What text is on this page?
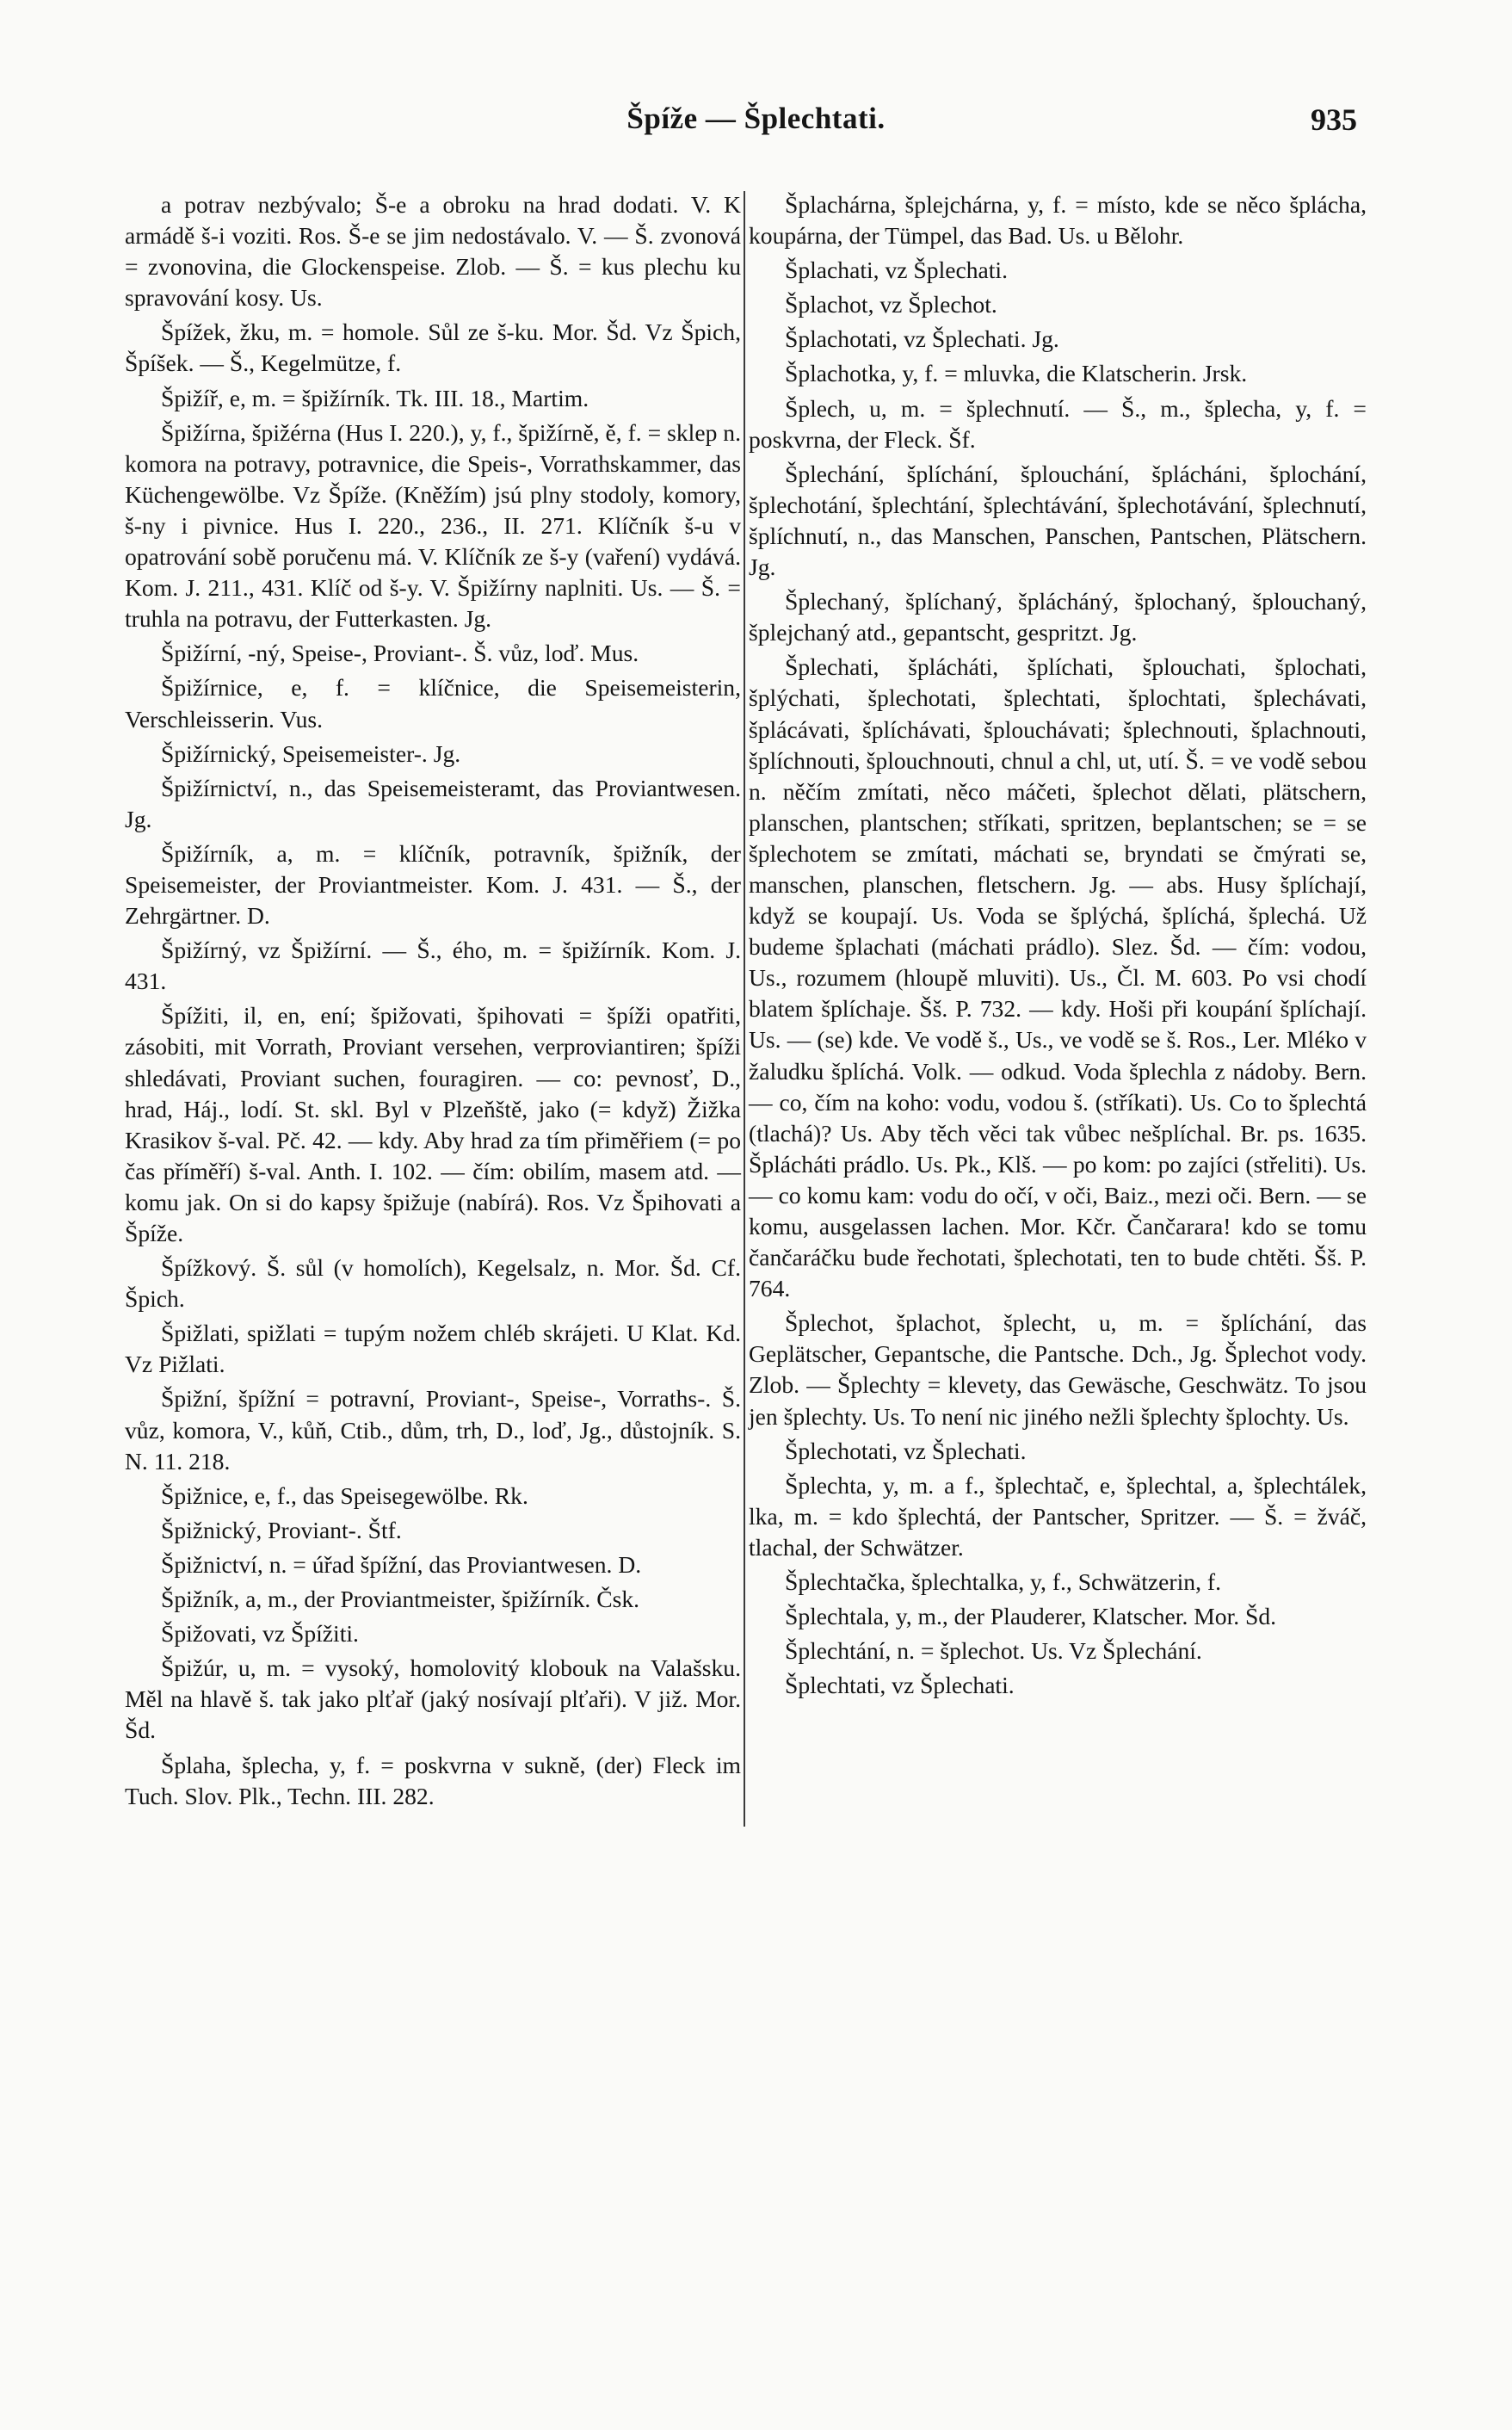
Špíže — Šplechtati.	935

a potrav nezbývalo; Š-e a obroku na hrad dodati. V. K armádě š-i voziti. Ros. Š-e se jim nedostávalo. V. — Š. zvonová = zvonovina, die Glockenspeise. Zlob. — Š. = kus plechu ku spravování kosy. Us.

Špížek, žku, m. = homole. Sůl ze š-ku. Mor. Šd. Vz Špich, Špíšek. — Š., Kegelmütze, f.

Špižíř, e, m. = špižírník. Tk. III. 18., Martim.

Špižírna, špižérna (Hus I. 220.), y, f., špižírně, ě, f. = sklep n. komora na potravy, potravnice, die Speis-, Vorrathskammer, das Küchengewölbe. Vz Špíže. (Kněžím) jsú plny stodoly, komory, š-ny i pivnice. Hus I. 220., 236., II. 271. Klíčník š-u v opatrování sobě poručenu má. V. Klíčník ze š-y (vaření) vydává. Kom. J. 211., 431. Klíč od š-y. V. Špižírny naplniti. Us. — Š. = truhla na potravu, der Futterkasten. Jg.

Špižírní, -ný, Speise-, Proviant-. Š. vůz, loď. Mus.

Špižírnice, e, f. = klíčnice, die Speisemeisterin, Verschleisserin. Vus.

Špižírnický, Speisemeister-. Jg.

Špižírnictví, n., das Speisemeisteramt, das Proviantwesen. Jg.

Špižírník, a, m. = klíčník, potravník, špižník, der Speisemeister, der Proviantmeister. Kom. J. 431. — Š., der Zehrgärtner. D.

Špižírný, vz Špižírní. — Š., ého, m. = špižírník. Kom. J. 431.

Špížiti, il, en, ení; špižovati, špihovati = špíži opatřiti, zásobiti, mit Vorrath, Proviant versehen, verproviantiren; špíži shledávati, Proviant suchen, fouragiren. — co: pevnosť, D., hrad, Háj., lodí. St. skl. Byl v Plzeňště, jako (= když) Žižka Krasikov š-val. Pč. 42. — kdy. Aby hrad za tím přiměřiem (= po čas příměří) š-val. Anth. I. 102. — čím: obilím, masem atd. — komu jak. On si do kapsy špižuje (nabírá). Ros. Vz Špihovati a Špíže.

Špížkový. Š. sůl (v homolích), Kegelsalz, n. Mor. Šd. Cf. Špich.

Špižlati, spižlati = tupým nožem chléb skrájeti. U Klat. Kd. Vz Pižlati.

Špižní, špížní = potravní, Proviant-, Speise-, Vorraths-. Š. vůz, komora, V., kůň, Ctib., dům, trh, D., loď, Jg., důstojník. S. N. 11. 218.

Špižnice, e, f., das Speisegewölbe. Rk.

Špižnický, Proviant-. Štf.

Špižnictví, n. = úřad špížní, das Proviantwesen. D.

Špižník, a, m., der Proviantmeister, špižírník. Čsk.

Špižovati, vz Špížiti.

Špižúr, u, m. = vysoký, homolovitý klobouk na Valašsku. Měl na hlavě š. tak jako plťař (jaký nosívají plťaři). V již. Mor. Šd.

Šplaha, šplecha, y, f. = poskvrna v sukně, (der) Fleck im Tuch. Slov. Plk., Techn. III. 282.

Šplachárna, šplejchárna, y, f. = místo, kde se něco šplácha, koupárna, der Tümpel, das Bad. Us. u Bělohr.

Šplachati, vz Šplechati.

Šplachot, vz Šplechot.

Šplachotati, vz Šplechati. Jg.

Šplachotka, y, f. = mluvka, die Klatscherin. Jrsk.

Šplech, u, m. = šplechnutí. — Š., m., šplecha, y, f. = poskvrna, der Fleck. Šf.

Šplechání, šplíchání, šplouchání, šplácháni, šplochání, šplechotání, šplechtání, šplechtávání, šplechotávání, šplechnutí, šplíchnutí, n., das Manschen, Panschen, Pantschen, Plätschern. Jg.

Šplechaný, šplíchaný, šplácháný, šplochaný, šplouchaný, šplejchaný atd., gepantscht, gespritzt. Jg.

Šplechati, šplácháti, šplíchati, šplouchati, šplochati, šplýchati, šplechotati, šplechtati, šplochtati, šplechávati, šplácávati, šplíchávati, šplouchávati; šplechnouti, šplachnouti, šplíchnouti, šplouchnouti, chnul a chl, ut, utí. Š. = ve vodě sebou n. něčím zmítati, něco máčeti, šplechot dělati, plätschern, planschen, plantschen; stříkati, spritzen, beplantschen; se = se šplechotem se zmítati, máchati se, bryndati se čmýrati se, manschen, planschen, fletschern. Jg. — abs. Husy šplíchají, když se koupají. Us. Voda se šplýchá, šplíchá, šplechá. Už budeme šplachati (máchati prádlo). Slez. Šd. — čím: vodou, Us., rozumem (hloupě mluviti). Us., Čl. M. 603. Po vsi chodí blatem šplíchaje. Šš. P. 732. — kdy. Hoši při koupání šplíchají. Us. — (se) kde. Ve vodě š., Us., ve vodě se š. Ros., Ler. Mléko v žaludku šplíchá. Volk. — odkud. Voda šplechla z nádoby. Bern. — co, čím na koho: vodu, vodou š. (stříkati). Us. Co to šplechtá (tlachá)? Us. Aby těch věci tak vůbec nešplíchal. Br. ps. 1635. Šplácháti prádlo. Us. Pk., Klš. — po kom: po zajíci (střeliti). Us. — co komu kam: vodu do očí, v oči, Baiz., mezi oči. Bern. — se komu, ausgelassen lachen. Mor. Kčr. Čančarara! kdo se tomu čančaráčku bude řechotati, šplechotati, ten to bude chtěti. Šš. P. 764.

Šplechot, šplachot, šplecht, u, m. = šplíchání, das Geplätscher, Gepantsche, die Pantsche. Dch., Jg. Šplechot vody. Zlob. — Šplechty = klevety, das Gewäsche, Geschwätz. To jsou jen šplechty. Us. To není nic jiného nežli šplechty šplochty. Us.

Šplechotati, vz Šplechati.

Šplechta, y, m. a f., šplechtač, e, šplechtal, a, šplechtálek, lka, m. = kdo šplechtá, der Pantscher, Spritzer. — Š. = žváč, tlachal, der Schwätzer.

Šplechtačka, šplechtalka, y, f., Schwätzerin, f.

Šplechtala, y, m., der Plauderer, Klatscher. Mor. Šd.

Šplechtání, n. = šplechot. Us. Vz Šplechání.

Šplechtati, vz Šplechati.
